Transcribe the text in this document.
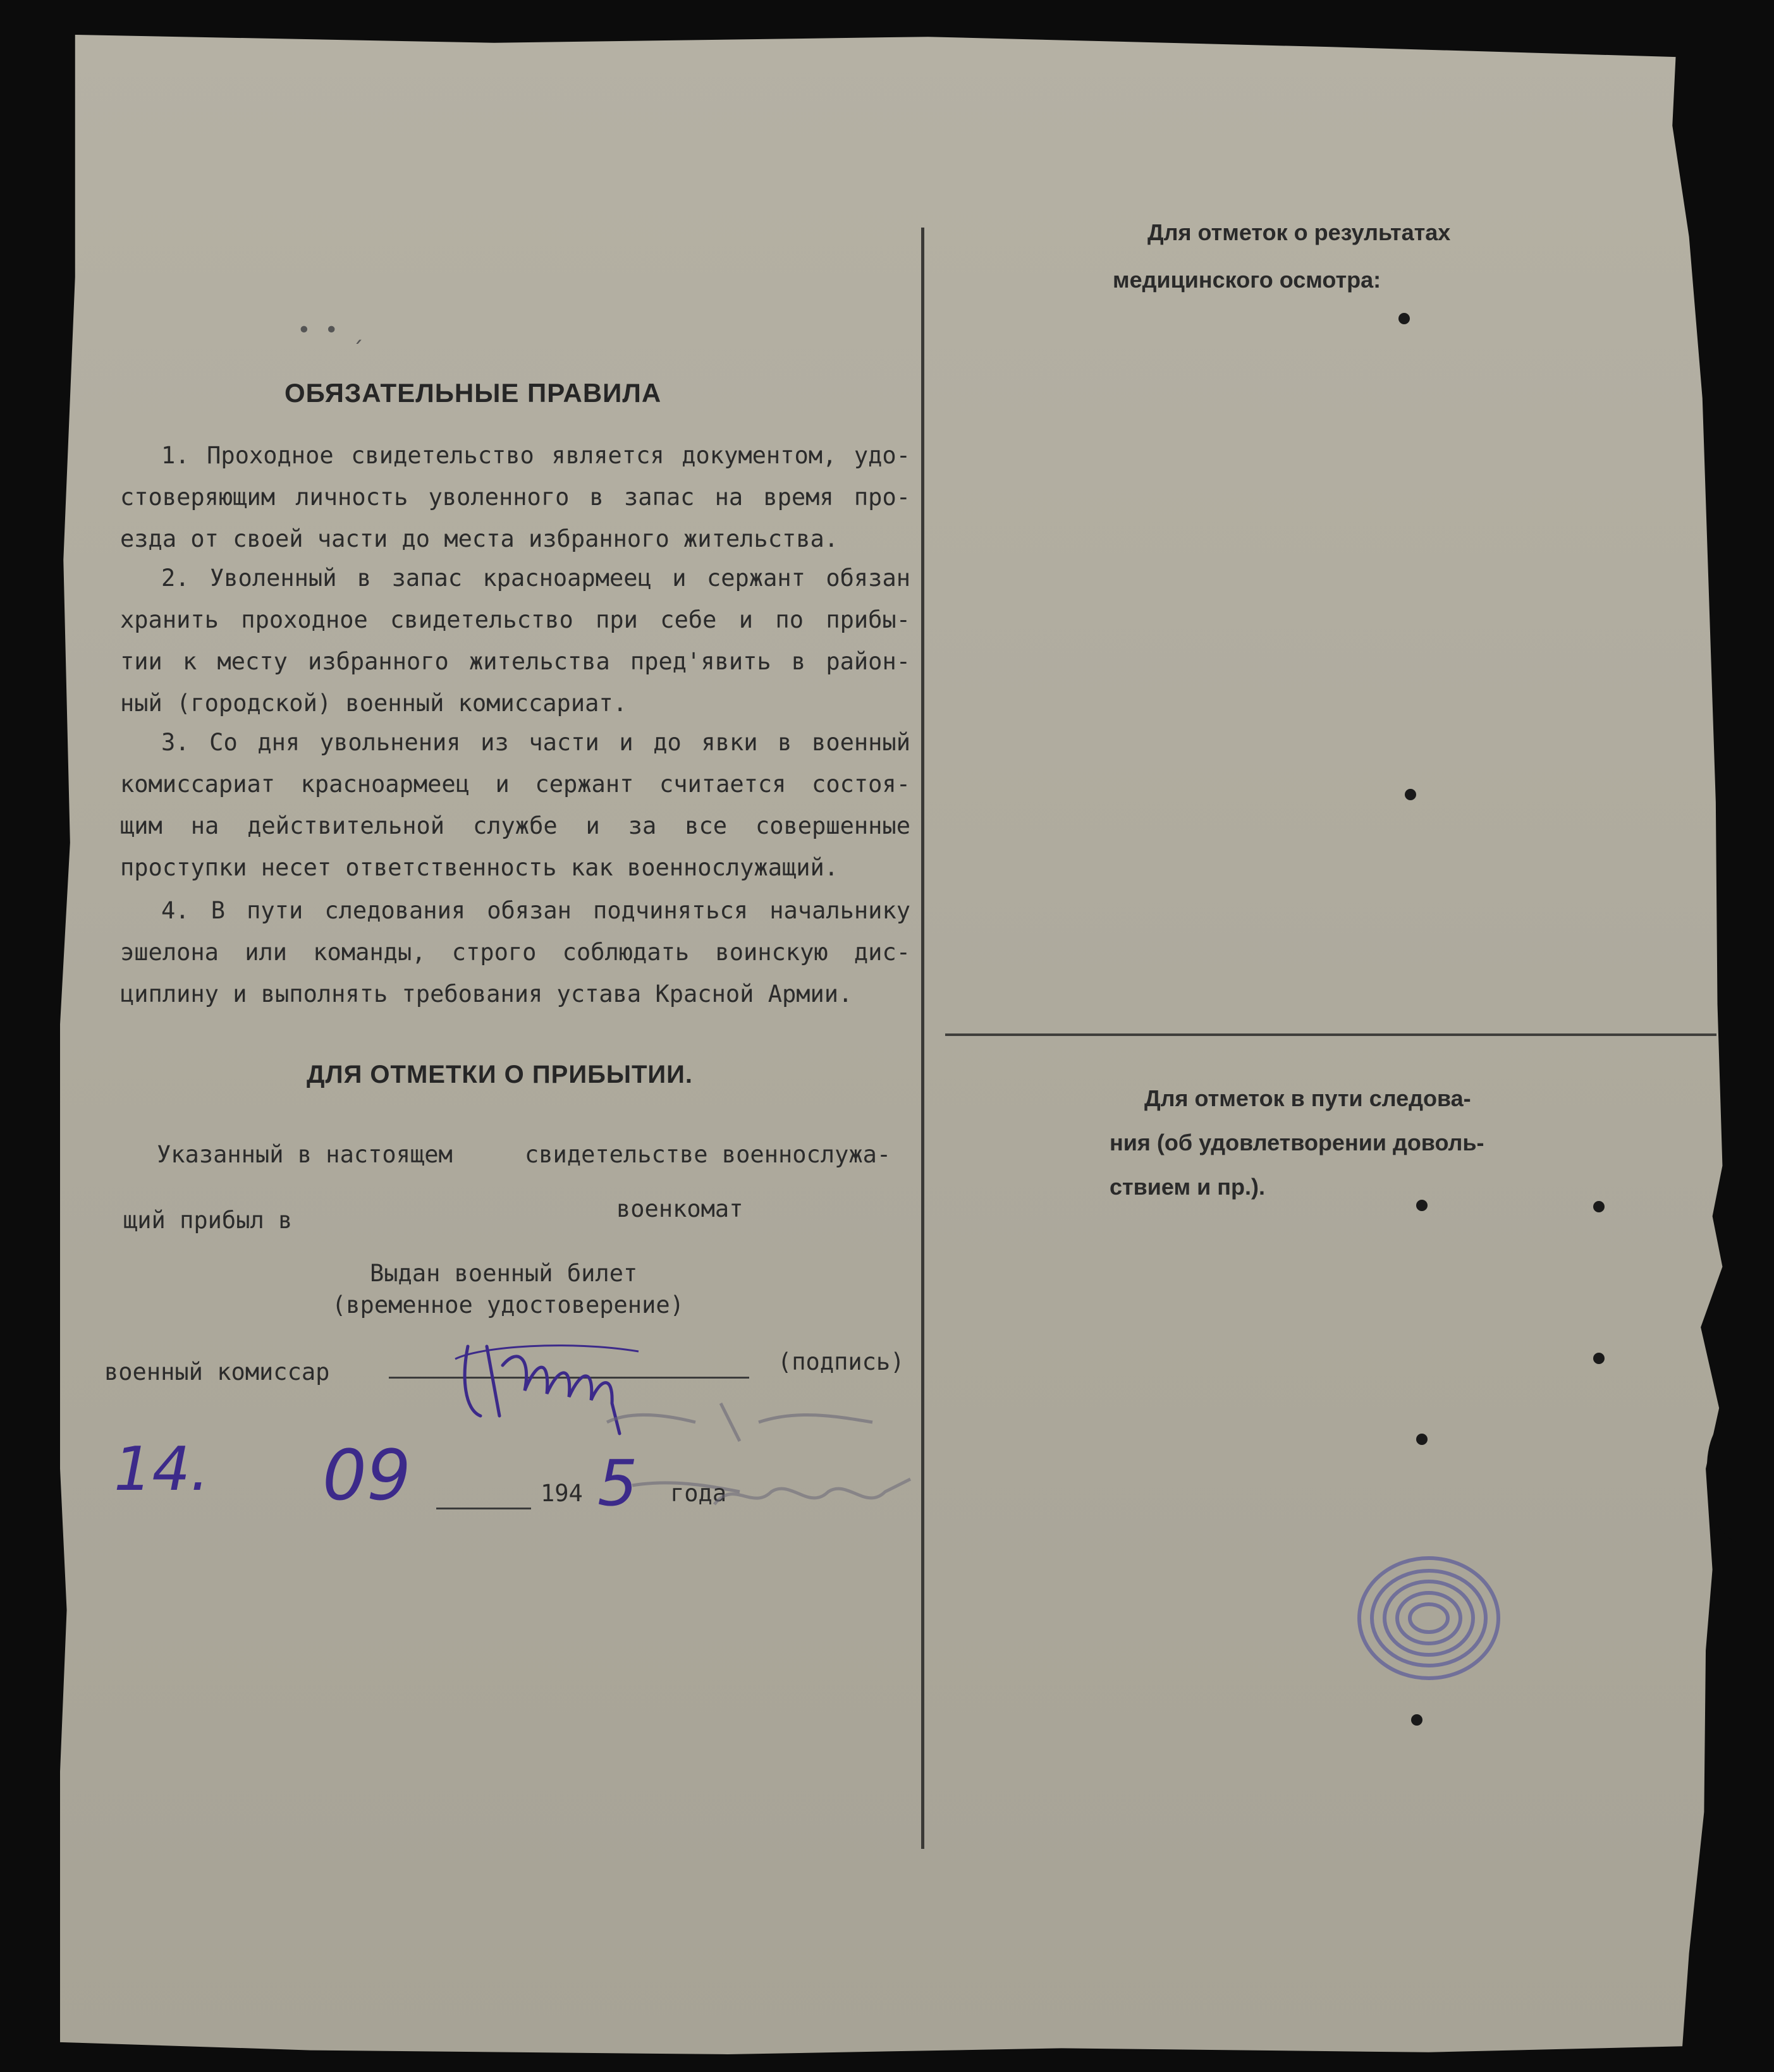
• • ˏ
ОБЯЗАТЕЛЬНЫЕ ПРАВИЛА
1. Проходное свидетельство является документом, удо-
стоверяющим личность уволенного в запас на время про-
езда от своей части до места избранного жительства.
2. Уволенный в запас красноармеец и сержант обязан
хранить проходное свидетельство при себе и по прибы-
тии к месту избранного жительства пред'явить в район-
ный (городской) военный комиссариат.
3. Со дня увольнения из части и до явки в военный
комиссариат красноармеец и сержант считается состоя-
щим на действительной службе и за все совершенные
проступки несет ответственность как военнослужащий.
4. В пути следования обязан подчиняться начальнику
эшелона или команды, строго соблюдать воинскую дис-
циплину и выполнять требования устава Красной Армии.
ДЛЯ ОТМЕТКИ О ПРИБЫТИИ.
Указанный в настоящем	свидетельстве военнослужа-
щий прибыл в	военкомат
Выдан военный билет
(временное удостоверение)
военный комиссар	(подпись)
14. 09	194 5 года
Для отметок о результатах
медицинского осмотра:
Для отметок в пути следова-
ния (об удовлетворении доволь-
ствием и пр.).
